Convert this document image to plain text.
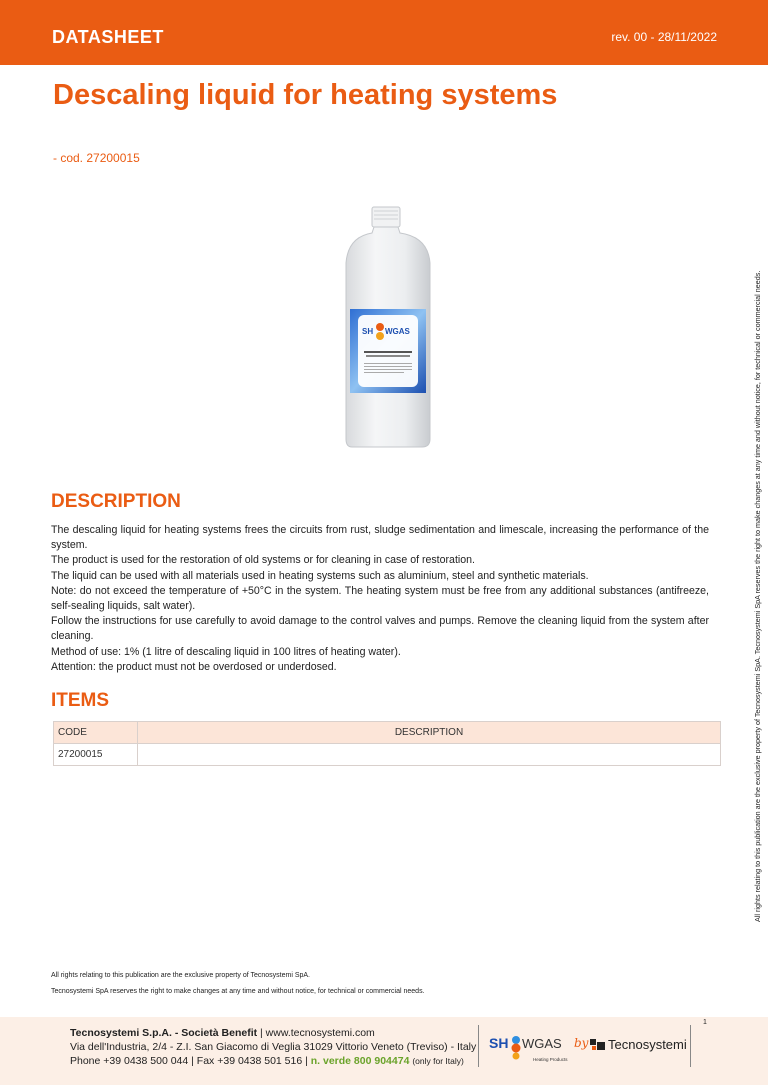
DATASHEET	rev. 00 - 28/11/2022
Descaling liquid for heating systems
- cod. 27200015
SH WGAS	All rights relating to this publication are the exclusive property of Tecnosystemi SpA. Tecnosystemi SpA reserves the right to make changes at any time and without notice, for technical or commercial needs.
DESCRIPTION

The descaling liquid for heating systems frees the circuits from rust, sludge sedimentation and limescale, increasing the performance of the system.

The product is used for the restoration of old systems or for cleaning in case of restoration.

The liquid can be used with all materials used in heating systems such as aluminium, steel and synthetic materials.

Note: do not exceed the temperature of +50°C in the system. The heating system must be free from any additional substances (antifreeze, self-sealing liquids, salt water).

Follow the instructions for use carefully to avoid damage to the control valves and pumps. Remove the cleaning liquid from the system after cleaning.

Method of use: 1% (1 litre of descaling liquid in 100 litres of heating water).

Attention: the product must not be overdosed or underdosed.

ITEMS
CODE	DESCRIPTION
27200015	
All rights relating to this publication are the exclusive property of Tecnosystemi SpA.
Tecnosystemi SpA reserves the right to make changes at any time and without notice, for technical or commercial needs.
1
Tecnosystemi S.p.A. - Società Benefit | www.tecnosystemi.com
Via dell'Industria, 2/4 - Z.I. San Giacomo di Veglia 31029 Vittorio Veneto (Treviso) - Italy
Phone +39 0438 500 044 | Fax +39 0438 501 516 | n. verde 800 904474 (only for Italy)
SH WGAS
Heating Products
by	Tecnosystemi
